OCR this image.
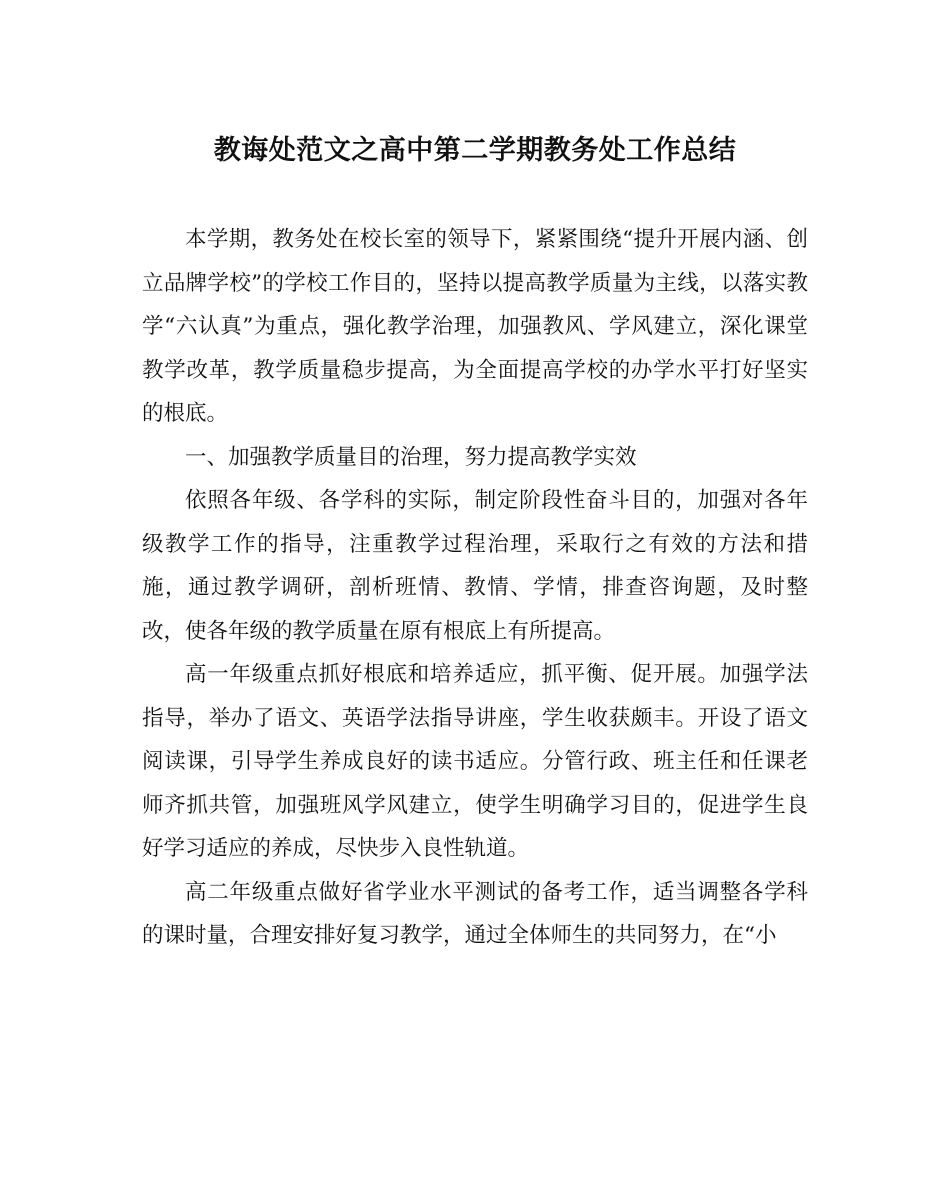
教诲处范文之高中第二学期教务处工作总结

本学期，教务处在校长室的领导下，紧紧围绕“提升开展内涵、创立品牌学校”的学校工作目的，坚持以提高教学质量为主线，以落实教学“六认真”为重点，强化教学治理，加强教风、学风建立，深化课堂教学改革，教学质量稳步提高，为全面提高学校的办学水平打好坚实的根底。

一、加强教学质量目的治理，努力提高教学实效

依照各年级、各学科的实际，制定阶段性奋斗目的，加强对各年级教学工作的指导，注重教学过程治理，采取行之有效的方法和措施，通过教学调研，剖析班情、教情、学情，排查咨询题，及时整改，使各年级的教学质量在原有根底上有所提高。

高一年级重点抓好根底和培养适应，抓平衡、促开展。加强学法指导，举办了语文、英语学法指导讲座，学生收获颇丰。开设了语文阅读课，引导学生养成良好的读书适应。分管行政、班主任和任课老师齐抓共管，加强班风学风建立，使学生明确学习目的，促进学生良好学习适应的养成，尽快步入良性轨道。

高二年级重点做好省学业水平测试的备考工作，适当调整各学科的课时量，合理安排好复习教学，通过全体师生的共同努力，在“小
